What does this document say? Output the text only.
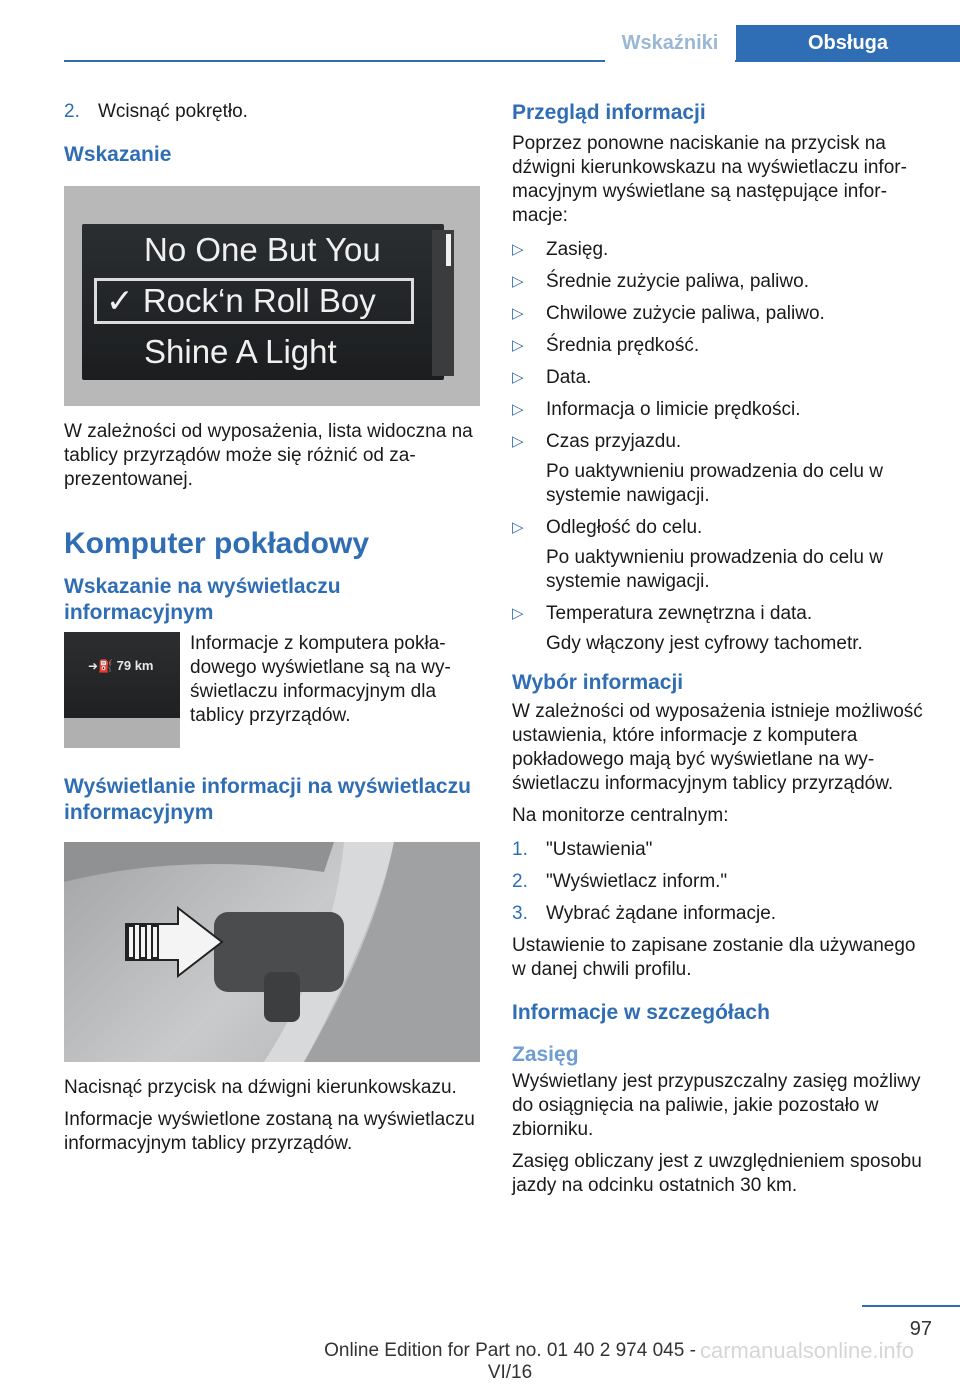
Wskaźniki	Obsługa
2. Wcisnąć pokrętło.
Wskazanie
No One But You
✓ Rock‘n Roll Boy
Shine A Light
W zależności od wyposażenia, lista widoczna na tablicy przyrządów może się różnić od zaprezentowanej.
Komputer pokładowy
Wskazanie na wyświetlaczu informacyjnym
➜⛽ 79 km
Informacje z komputera pokładowego wyświetlane są na wyświetlaczu informacyjnym dla tablicy przyrządów.
Wyświetlanie informacji na wyświetlaczu informacyjnym
Nacisnąć przycisk na dźwigni kierunkowskazu.
Informacje wyświetlone zostaną na wyświetlaczu informacyjnym tablicy przyrządów.
Przegląd informacji
Poprzez ponowne naciskanie na przycisk na dźwigni kierunkowskazu na wyświetlaczu informacyjnym wyświetlane są następujące informacje:
▷	Zasięg.
▷	Średnie zużycie paliwa, paliwo.
▷	Chwilowe zużycie paliwa, paliwo.
▷	Średnia prędkość.
▷	Data.
▷	Informacja o limicie prędkości.
▷	Czas przyjazdu.
Po uaktywnieniu prowadzenia do celu w systemie nawigacji.
▷	Odległość do celu.
Po uaktywnieniu prowadzenia do celu w systemie nawigacji.
▷	Temperatura zewnętrzna i data.
Gdy włączony jest cyfrowy tachometr.
Wybór informacji
W zależności od wyposażenia istnieje możliwość ustawienia, które informacje z komputera pokładowego mają być wyświetlane na wyświetlaczu informacyjnym tablicy przyrządów.
Na monitorze centralnym:
1. "Ustawienia"
2. "Wyświetlacz inform."
3. Wybrać żądane informacje.
Ustawienie to zapisane zostanie dla używanego w danej chwili profilu.
Informacje w szczegółach
Zasięg
Wyświetlany jest przypuszczalny zasięg możliwy do osiągnięcia na paliwie, jakie pozostało w zbiorniku.
Zasięg obliczany jest z uwzględnieniem sposobu jazdy na odcinku ostatnich 30 km.
97
Online Edition for Part no. 01 40 2 974 045 - VI/16
carmanualsonline.info
